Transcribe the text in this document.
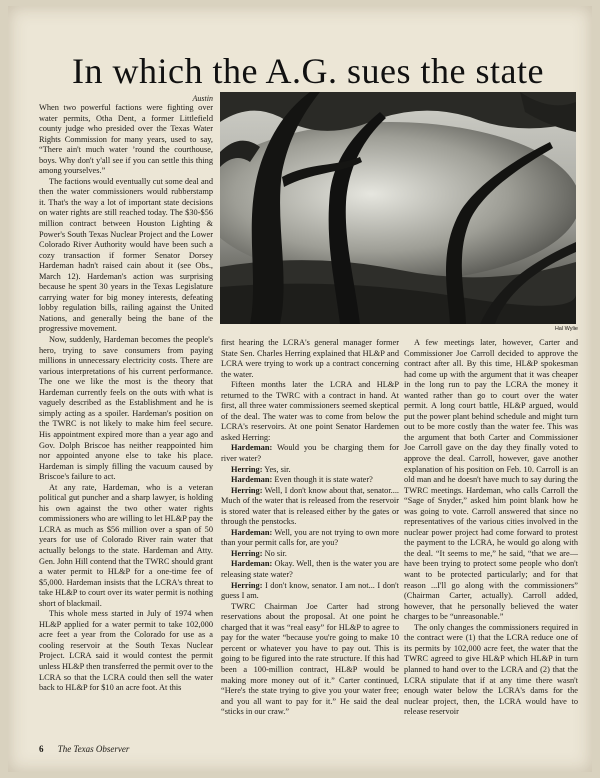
In which the A.G. sues the state
Austin

When two powerful factions were fighting over water permits, Otha Dent, a former Littlefield county judge who presided over the Texas Water Rights Commission for many years, used to say, “There ain't much water ’round the courthouse, boys. Why don't y'all see if you can settle this thing among yourselves.”

The factions would eventually cut some deal and then the water commissioners would rubberstamp it. That's the way a lot of important state decisions on water rights are still reached today. The $30-$56 million contract between Houston Lighting & Power's South Texas Nuclear Project and the Lower Colorado River Authority would have been such a cozy transaction if former Senator Dorsey Hardeman hadn't raised cain about it (see Obs., March 12). Hardeman's action was surprising because he spent 30 years in the Texas Legislature carrying water for big money interests, defeating lobby regulation bills, railing against the United Nations, and generally being the bane of the progressive movement.

Now, suddenly, Hardeman becomes the people's hero, trying to save consumers from paying millions in unnecessary electricity costs. There are various interpretations of his current performance. The one we like the most is the theory that Hardeman currently feels on the outs with what is vaguely described as the Establishment and he is simply acting as a spoiler. Hardeman's position on the TWRC is not likely to make him feel secure. His appointment expired more than a year ago and Gov. Dolph Briscoe has neither reappointed him nor appointed anyone else to take his place. Hardeman is simply filling the vacuum caused by Briscoe's failure to act.

At any rate, Hardeman, who is a veteran political gut puncher and a sharp lawyer, is holding his own against the two other water rights commissioners who are willing to let HL&P pay the LCRA as much as $56 million over a span of 50 years for use of Colorado River rain water that actually belongs to the state. Hardeman and Atty. Gen. John Hill contend that the TWRC should grant a water permit to HL&P for a one-time fee of $5,000. Hardeman insists that the LCRA's threat to take HL&P to court over its water permit is nothing short of blackmail.

This whole mess started in July of 1974 when HL&P applied for a water permit to take 102,000 acre feet a year from the Colorado for use as a cooling reservoir at the South Texas Nuclear Project. LCRA said it would contest the permit unless HL&P then transferred the permit over to the LCRA so that the LCRA could then sell the water back to HL&P for $10 an acre foot. At this

Hal Wylie

first hearing the LCRA's general manager former State Sen. Charles Herring explained that HL&P and LCRA were trying to work up a contract concerning the water.

Fifteen months later the LCRA and HL&P returned to the TWRC with a contract in hand. At first, all three water commissioners seemed skeptical of the deal. The water was to come from below the LCRA's reservoirs. At one point Senator Hardemen asked Herring:

Hardeman: Would you be charging them for river water?

Herring: Yes, sir.

Hardeman: Even though it is state water?

Herring: Well, I don't know about that, senator.... Much of the water that is released from the reservoir is stored water that is released either by the gates or through the penstocks.

Hardeman: Well, you are not trying to own more than your permit calls for, are you?

Herring: No sir.

Hardeman: Okay. Well, then is the water you are releasing state water?

Herring: I don't know, senator. I am not... I don't guess I am.

TWRC Chairman Joe Carter had strong reservations about the proposal. At one point he charged that it was “real easy” for HL&P to agree to pay for the water “because you're going to make 10 percent or whatever you have to pay out. This is going to be figured into the rate structure. If this had been a 100-million contract, HL&P would be making more money out of it.” Carter continued, “Here's the state trying to give you your water free; and you all want to pay for it.” He said the deal “sticks in our craw.”

A few meetings later, however, Carter and Commissioner Joe Carroll decided to approve the contract after all. By this time, HL&P spokesman had come up with the argument that it was cheaper in the long run to pay the LCRA the money it wanted rather than go to court over the water permit. A long court battle, HL&P argued, would put the power plant behind schedule and might turn out to be more costly than the water fee. This was the argument that both Carter and Commissioner Joe Carroll gave on the day they finally voted to approve the deal. Carroll, however, gave another explanation of his position on Feb. 10. Carroll is an old man and he doesn't have much to say during the TWRC meetings. Hardeman, who calls Carroll the “Sage of Snyder,” asked him point blank how he was going to vote. Carroll answered that since no representatives of the various cities involved in the nuclear power project had come forward to protest the payment to the LCRA, he would go along with the deal. “It seems to me,” he said, “that we are—have been trying to protect some people who don't want to be protected particularly; and for that reason ...I'll go along with the commissioners” (Chairman Carter, actually). Carroll added, however, that he personally believed the water charges to be “unreasonable.”

The only changes the commissioners required in the contract were (1) that the LCRA reduce one of its permits by 102,000 acre feet, the water that the TWRC agreed to give HL&P which HL&P in turn planned to hand over to the LCRA and (2) that the LCRA stipulate that if at any time there wasn't enough water below the LCRA's dams for the nuclear project, then, the LCRA would have to release reservoir

6 The Texas Observer
